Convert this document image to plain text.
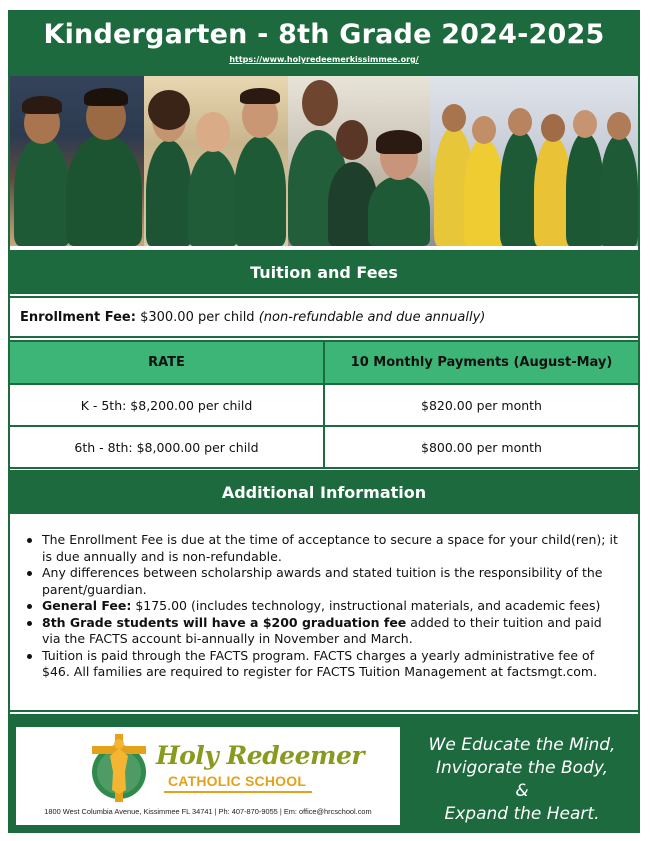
Kindergarten - 8th Grade 2024-2025
https://www.holyredeemerkissimmee.org/
Tuition and Fees
Enrollment Fee: $300.00 per child (non-refundable and due annually)
RATE	10 Monthly Payments (August-May)
K - 5th: $8,200.00 per child	$820.00 per month
6th - 8th: $8,000.00 per child	$800.00 per month
Additional Information
The Enrollment Fee is due at the time of acceptance to secure a space for your child(ren); it is due annually and is non-refundable.
Any differences between scholarship awards and stated tuition is the responsibility of the parent/guardian.
General Fee: $175.00 (includes technology, instructional materials, and academic fees)
8th Grade students will have a $200 graduation fee added to their tuition and paid via the FACTS account bi-annually in November and March.
Tuition is paid through the FACTS program. FACTS charges a yearly administrative fee of $46. All families are required to register for FACTS Tuition Management at factsmgt.com.
Holy Redeemer
CATHOLIC SCHOOL
1800 West Columbia Avenue, Kissimmee FL 34741 | Ph: 407-870-9055 | Em: office@hrcschool.com
We Educate the Mind,
Invigorate the Body,
&
Expand the Heart.
